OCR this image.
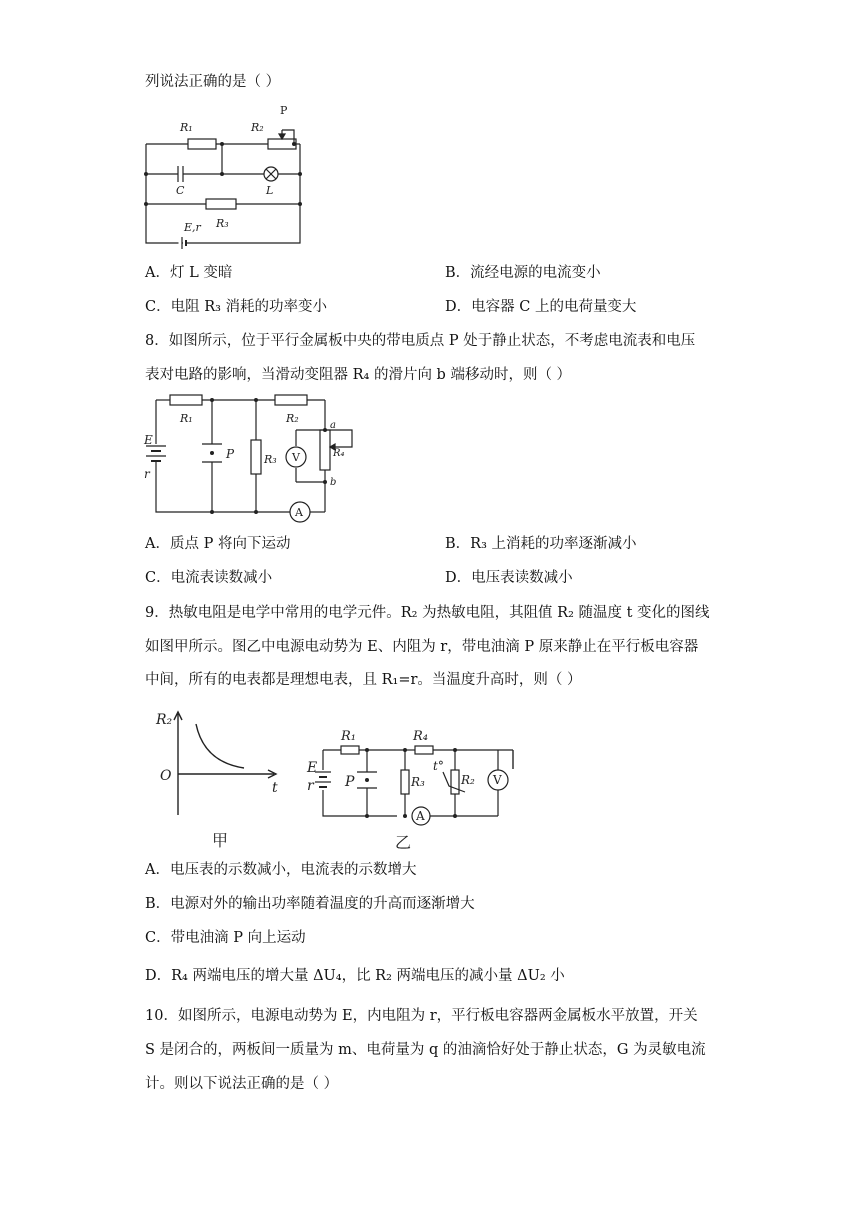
列说法正确的是（ ）
R₁	R₂
P
C	L
R₃
E,r
A．灯 L 变暗	B．流经电源的电流变小
C．电阻 R₃ 消耗的功率变小	D．电容器 C 上的电荷量变大
8．如图所示，位于平行金属板中央的带电质点 P 处于静止状态，不考虑电流表和电压
表对电路的影响，当滑动变阻器 R₄ 的滑片向 b 端移动时，则（ ）
R₁	R₂
R₃	R₄
E
r
P	V
A
a
b
A．质点 P 将向下运动	B．R₃ 上消耗的功率逐渐减小
C．电流表读数减小	D．电压表读数减小
9．热敏电阻是电学中常用的电学元件。R₂ 为热敏电阻，其阻值 R₂ 随温度 t 变化的图线
如图甲所示。图乙中电源电动势为 E、内阻为 r，带电油滴 P 原来静止在平行板电容器
中间，所有的电表都是理想电表，且 R₁=r。当温度升高时，则（ ）
R₂
O
t
甲
R₁	R₄
E
r P	R₃
t°
R₂ V
A
乙
A．电压表的示数减小，电流表的示数增大
B．电源对外的输出功率随着温度的升高而逐渐增大
C．带电油滴 P 向上运动
D．R₄ 两端电压的增大量 ΔU₄，比 R₂ 两端电压的减小量 ΔU₂ 小
10．如图所示，电源电动势为 E，内电阻为 r，平行板电容器两金属板水平放置，开关
S 是闭合的，两板间一质量为 m、电荷量为 q 的油滴恰好处于静止状态，G 为灵敏电流
计。则以下说法正确的是（ ）
